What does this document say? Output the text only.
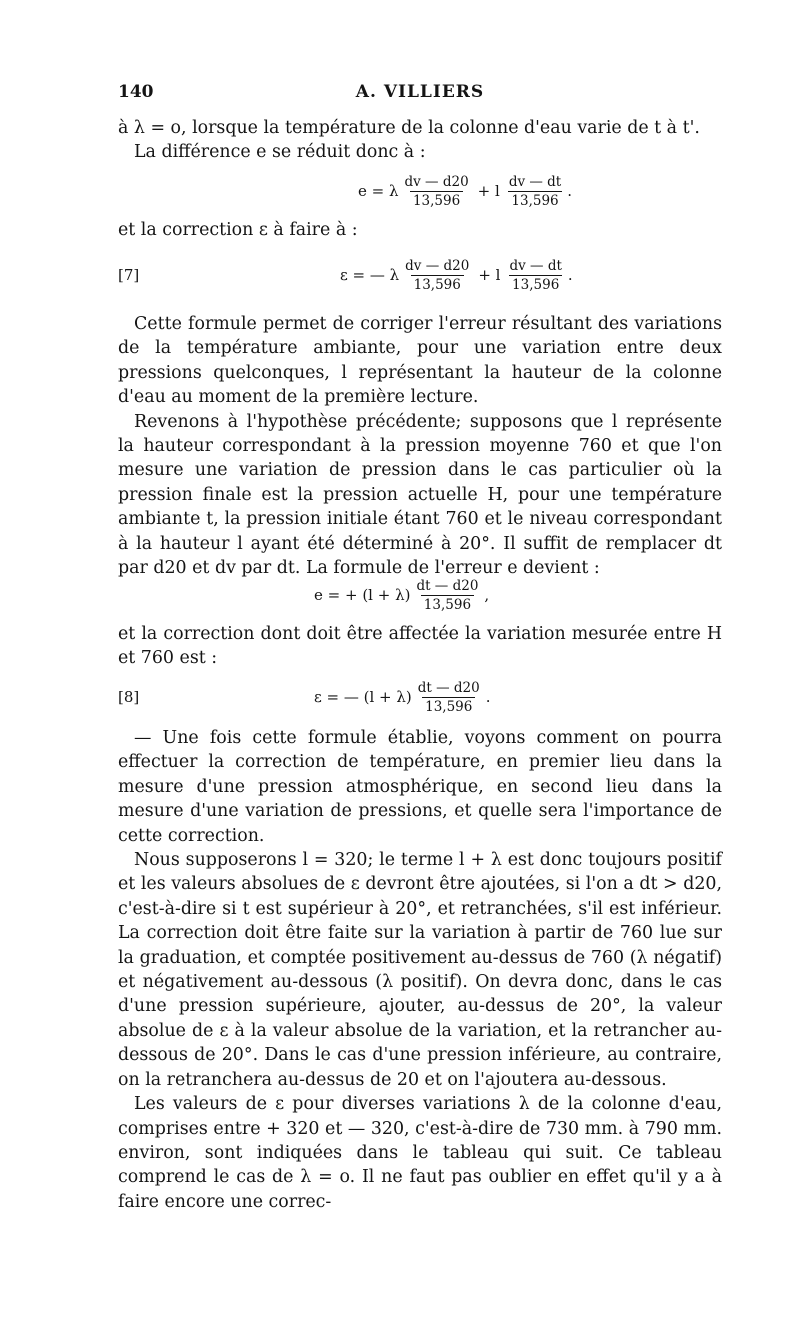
140	A. VILLIERS

à λ = o, lorsque la température de la colonne d'eau varie de t à t'.

La différence e se réduit donc à :

e = λ $\frac{dv — d20}{13,596} + l \frac{dv — dt}{13,596}$ .

et la correction ε à faire à :

[7]	ε = — λ $\frac{dv — d20}{13,596} + l \frac{dv — dt}{13,596}$ .

Cette formule permet de corriger l'erreur résultant des variations de la température ambiante, pour une variation entre deux pressions quelconques, l représentant la hauteur de la colonne d'eau au moment de la première lecture.

Revenons à l'hypothèse précédente; supposons que l représente la hauteur correspondant à la pression moyenne 760 et que l'on mesure une variation de pression dans le cas particulier où la pression finale est la pression actuelle H, pour une température ambiante t, la pression initiale étant 760 et le niveau correspondant à la hauteur l ayant été déterminé à 20°. Il suffit de remplacer dt par d20 et dv par dt. La formule de l'erreur e devient :

e = + $(l + \lambda) \frac{dt — d20}{13,596}$ ,

et la correction dont doit être affectée la variation mesurée entre H et 760 est :

[8]	ε = — $(l + \lambda) \frac{dt — d20}{13,596}$ .

— Une fois cette formule établie, voyons comment on pourra effectuer la correction de température, en premier lieu dans la mesure d'une pression atmosphérique, en second lieu dans la mesure d'une variation de pressions, et quelle sera l'importance de cette correction.

Nous supposerons l = 320; le terme l + λ est donc toujours positif et les valeurs absolues de ε devront être ajoutées, si l'on a dt > d20, c'est-à-dire si t est supérieur à 20°, et retranchées, s'il est inférieur. La correction doit être faite sur la variation à partir de 760 lue sur la graduation, et comptée positivement au-dessus de 760 (λ négatif) et négativement au-dessous (λ positif). On devra donc, dans le cas d'une pression supérieure, ajouter, au-dessus de 20°, la valeur absolue de ε à la valeur absolue de la variation, et la retrancher au-dessous de 20°. Dans le cas d'une pression inférieure, au contraire, on la retranchera au-dessus de 20 et on l'ajoutera au-dessous.

Les valeurs de ε pour diverses variations λ de la colonne d'eau, comprises entre + 320 et — 320, c'est-à-dire de 730 mm. à 790 mm. environ, sont indiquées dans le tableau qui suit. Ce tableau comprend le cas de λ = o. Il ne faut pas oublier en effet qu'il y a à faire encore une correc-
